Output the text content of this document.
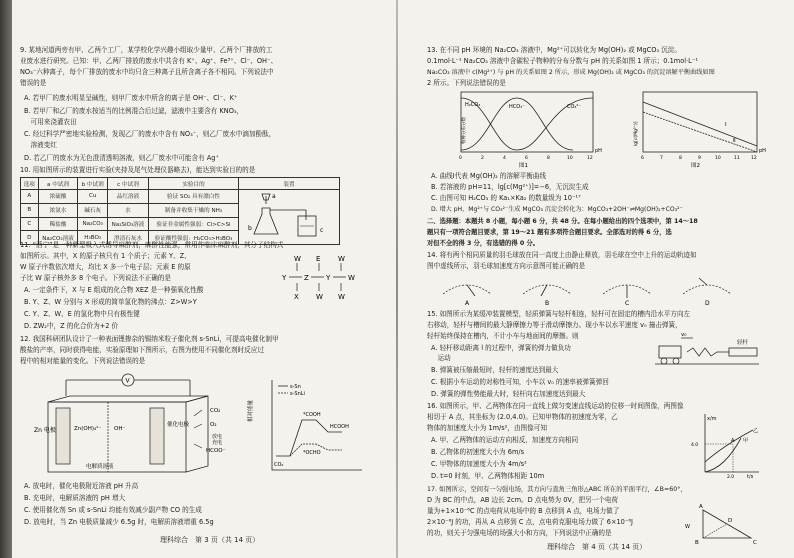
9. 某地河道两旁有甲、乙两个工厂，某学校化学兴趣小组取少量甲、乙两个厂排放的工
业废水进行研究。已知：甲、乙两厂排放的废水中共含有 K⁺、Ag⁺、Fe³⁺、Cl⁻、OH⁻、
NO₃⁻六种离子，每个厂排放的废水中均只含三种离子且所含离子各不相同。下列说法中
错误的是
A. 若甲厂的废水明显呈碱性，则甲厂废水中所含的离子是 OH⁻、Cl⁻、K⁺
B. 若甲厂和乙厂的废水按适当的比例混合后过滤，滤液中主要含有 KNO₃，
　可用来浇灌农田
C. 经过科学严密地实验检测，发现乙厂的废水中含有 NO₃⁻，则乙厂废水中滴加酚酞，
　溶液变红
D. 若乙厂的废水为无色澄清透明溶液，则乙厂废水中可能含有 Ag⁺
10. 用如图所示的装置进行实验(夹持及尾气处理仪器略去)，能达到实验目的的是
选项	a 中试剂	b 中试剂	c 中试剂	实验目的	装置
A	浓硫酸	Cu	品红溶液	验证 SO₂ 具有漂白性	a
b c

B	浓氨水	碱石灰	水	制备并收集干燥的 NH₃	
C	稀盐酸	Na₂CO₃	Na₂SiO₃溶液	验证非金属性强弱：Cl>C>Si	
D	Na₂CO₃溶液	H₃BO₃	澄清石灰水	验证酸性强弱：H₂CO₃>H₃BO₃	
11. “活宁”是一种新型吸入式诱导麻醉剂，麻醉性能强，常用作临床麻醉剂，其分子结构式
如图所示。其中，X 的原子核只有 1 个质子；元素 Y、Z、
W 原子序数依次增大，均比 X 多一个电子层；元素 E 的原
子比 W 原子核外多 8 个电子。下列说法不正确的是
E	W
W
Y	Z Y	W
X W W
A. 一定条件下，X 与 E 组成的化合物 XEZ 是一种强氧化性酸
B. Y、Z、W 分别与 X 形成的简单氢化物的沸点：Z>W>Y
C. Y、Z、W、E 的氢化物中只有极性键
D. ZW₂中，Z 的化合价为+2 价
12. 我国科研团队设计了一种表面锂掺杂的锡纳米粒子催化剂 s-SnLi，可提高电催化制甲
酸盐的产率，同时获得电能，实验原理如下图所示，右图为使用不同催化剂时反应过
程中的相对能量的变化。下列说法错误的是
V
Zn 电极	Zn(OH)₄²⁻ OH⁻
电解质溶液
催化电极
CO₂
O₂
HCOO⁻
放电
充电
相对能量
s-Sn
s-SnLi
*COOH
HCOOH
*OCHO
CO₂
A. 放电时，催化电极附近溶液 pH 升高
B. 充电时，电解质溶液的 pH 增大
C. 使用催化剂 Sn 或 s-SnLi 均能有效减少副产物 CO 的生成
D. 放电时，当 Zn 电极质量减少 6.5g 时，电解质溶液增重 6.5g
理科综合　第 3 页（共 14 页）
13. 在不同 pH 环境的 Na₂CO₃ 溶液中，Mg²⁺可以转化为 Mg(OH)₂ 或 MgCO₃ 沉淀。
0.1mol·L⁻¹ Na₂CO₃ 溶液中含碳粒子物种的分布分数与 pH 的关系如图 1 所示；0.1mol·L⁻¹
Na₂CO₃ 溶液中 c(Mg²⁺) 与 pH 的关系如图 2 所示，形成 Mg(OH)₂ 或 MgCO₃ 的沉淀溶解平衡曲线如图
2 所示。下列说法错误的是
H₂CO₃	HCO₃⁻	CO₃²⁻
物种分布分数
0	2	4	6	8	10	12
pH
图1
Ⅰ
Ⅱ
lg[c(Mg²⁺)]
6	7	8	9	10	11	12
pH
图2
A. 曲线Ⅰ代表 Mg(OH)₂ 的溶解平衡曲线
B. 若溶液的 pH=11，lg[c(Mg²⁺)]=−6，无沉淀生成
C. 由图可知 H₂CO₃ 的 Ka₁×Ka₂ 的数量级为 10⁻¹⁷
D. 增大 pH，Mg²⁺与 CO₃²⁻生成 MgCO₃ 沉淀会转化为：MgCO₃+2OH⁻⇌Mg(OH)₂+CO₃²⁻
二、选择题：本题共 8 小题，每小题 6 分，共 48 分。在每小题给出的四个选项中，第 14～18
题只有一项符合题目要求，第 19～21 题有多项符合题目要求。全部选对的得 6 分，选
对但不全的得 3 分，有选错的得 0 分。
14. 将有两个相同质量的羽毛球放在同一高度上由静止释放，羽毛球在空中上升的运动轨迹如
图中虚线所示，羽毛球加速度方向示意图可能正确的是
A	B	C	D
15. 如图所示为某缓冲装置模型，轻质弹簧与轻杆相连，轻杆可在固定的槽内沿水平方向左
右移动，轻杆与槽间的最大静摩擦力等于滑动摩擦力。现小车以水平速度 v₀ 撞击弹簧，
轻杆始终保持在槽内，不计小车与地面间的摩擦。则
A. 轻杆移动距离 l 的过程中，弹簧的弹力做负功
　运动
B. 弹簧被压缩最短时，轻杆的速度达到最大
C. 根据小车运动的对称性可知，小车以 v₀ 的速率被弹簧弹回
D. 弹簧的弹性势能最大时，轻杆向右加速度达到最大
v₀
轻杆
16. 如图所示，甲、乙两物体在同一直线上做匀变速直线运动的位移一时间图像，两图像
相切于 A 点，其坐标为 (2.0,4.0)。已知甲物体的初速度为零，乙
物体的加速度大小为 1m/s²，由图像可知
A. 甲、乙两物体的运动方向相反，加速度方向相同
B. 乙物体的初速度大小为 6m/s
C. 甲物体的加速度大小为 4m/s²
D. t=0 时刻，甲、乙两物体相距 10m
x/m
t/s
A 甲
乙
4.0
2.0
17. 如图所示，空间有一匀强电场，其方向与直角三角形△ABC 所在的平面平行，∠B=60°，
D 为 BC 的中点，AB 边长 2cm。D 点电势为 0V，把另一个电荷
量为+1×10⁻⁶C 的点电荷从电场中的 B 点移到 A 点，电场力做了
2×10⁻⁶J 的功，再从 A 点移到 C 点，点电荷克服电场力做了 6×10⁻⁶J
的功，则关于匀强电场的场强大小和方向，下列说法中正确的是
A
B	C
D
W
理科综合　第 4 页（共 14 页）
